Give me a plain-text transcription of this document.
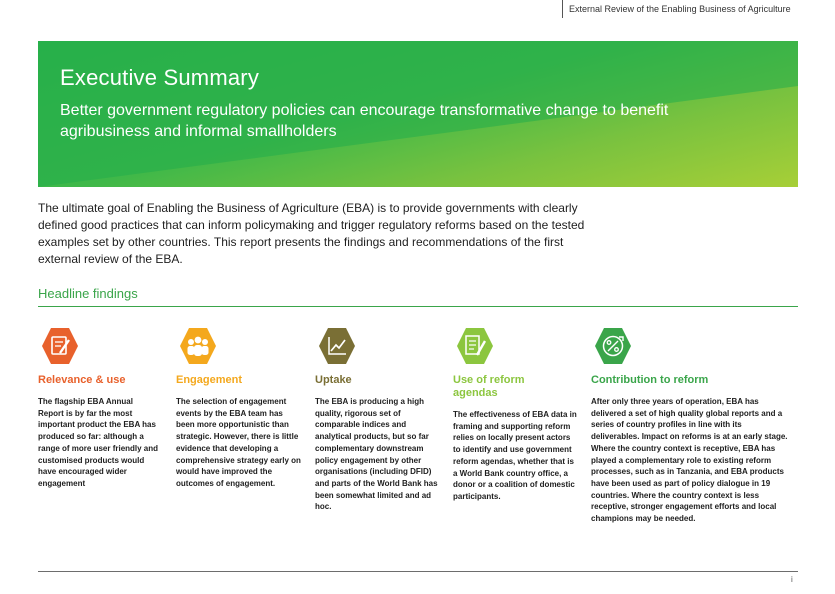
External Review of the Enabling Business of Agriculture
Executive Summary
Better government regulatory policies can encourage transformative change to benefit agribusiness and informal smallholders
The ultimate goal of Enabling the Business of Agriculture (EBA) is to provide governments with clearly defined good practices that can inform policymaking and trigger regulatory reforms based on the tested examples set by other countries. This report presents the findings and recommendations of the first external review of the EBA.
Headline findings
Relevance & use
The flagship EBA Annual Report is by far the most important product the EBA has produced so far: although a range of more user friendly and customised products would have encouraged wider engagement
Engagement
The selection of engagement events by the EBA team has been more opportunistic than strategic. However, there is little evidence that developing a comprehensive strategy early on would have improved the outcomes of engagement.
Uptake
The EBA is producing a high quality, rigorous set of comparable indices and analytical products, but so far complementary downstream policy engagement by other organisations (including DFID) and parts of the World Bank has been somewhat limited and ad hoc.
Use of reform agendas
The effectiveness of EBA data in framing and supporting reform relies on locally present actors to identify and use government reform agendas, whether that is a World Bank country office, a donor or a coalition of domestic participants.
Contribution to reform
After only three years of operation, EBA has delivered a set of high quality global reports and a series of country profiles in line with its deliverables. Impact on reforms is at an early stage. Where the country context is receptive, EBA has played a complementary role to existing reform processes, such as in Tanzania, and EBA products have been used as part of policy dialogue in 19 countries. Where the country context is less receptive, stronger engagement efforts and local champions may be needed.
i
